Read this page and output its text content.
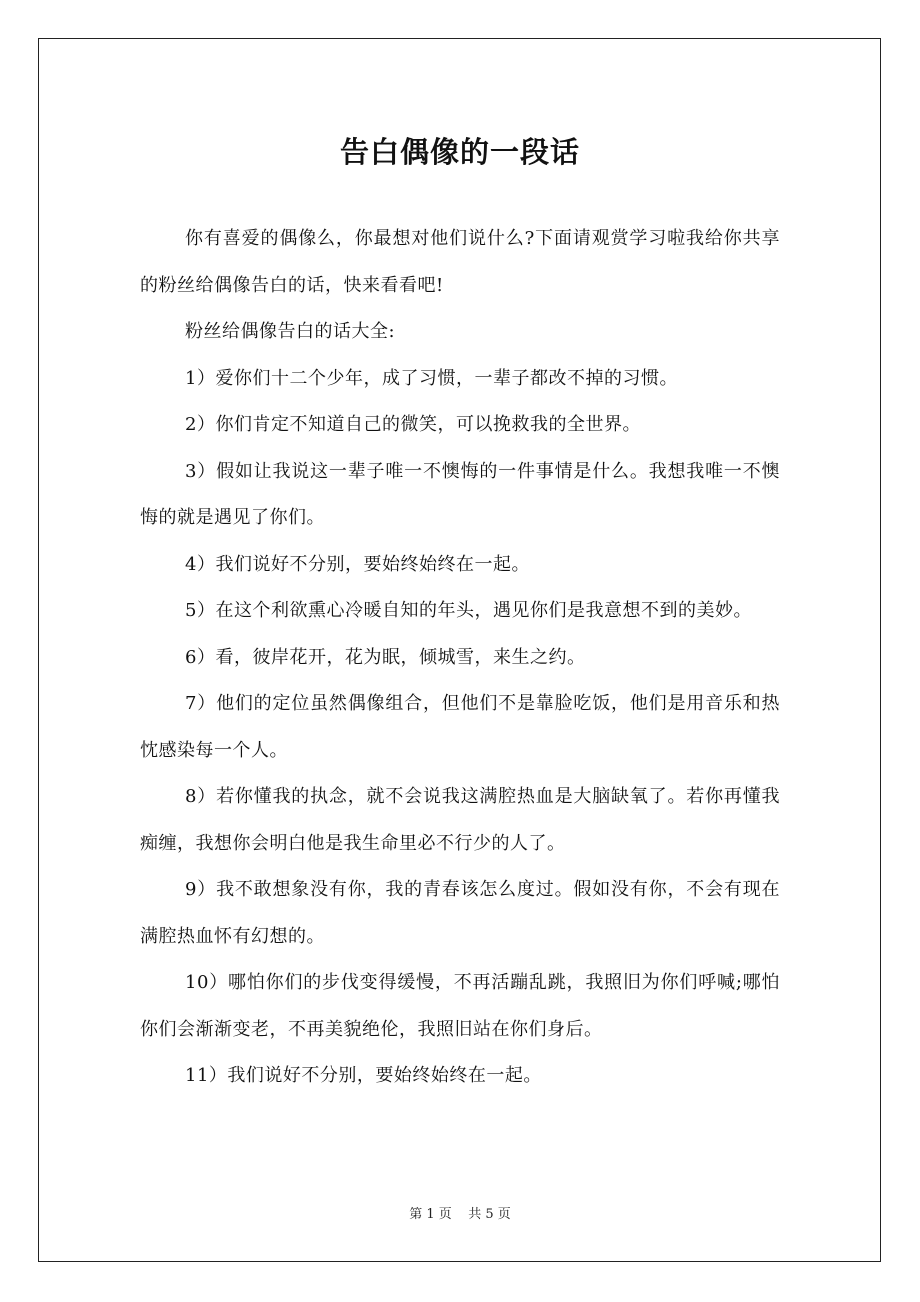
告白偶像的一段话

你有喜爱的偶像么，你最想对他们说什么?下面请观赏学习啦我给你共享的粉丝给偶像告白的话，快来看看吧!

粉丝给偶像告白的话大全:

1）爱你们十二个少年，成了习惯，一辈子都改不掉的习惯。

2）你们肯定不知道自己的微笑，可以挽救我的全世界。

3）假如让我说这一辈子唯一不懊悔的一件事情是什么。我想我唯一不懊悔的就是遇见了你们。

4）我们说好不分别，要始终始终在一起。

5）在这个利欲熏心冷暖自知的年头，遇见你们是我意想不到的美妙。

6）看，彼岸花开，花为眠，倾城雪，来生之约。

7）他们的定位虽然偶像组合，但他们不是靠脸吃饭，他们是用音乐和热忱感染每一个人。

8）若你懂我的执念，就不会说我这满腔热血是大脑缺氧了。若你再懂我痴缠，我想你会明白他是我生命里必不行少的人了。

9）我不敢想象没有你，我的青春该怎么度过。假如没有你，不会有现在满腔热血怀有幻想的。

10）哪怕你们的步伐变得缓慢，不再活蹦乱跳，我照旧为你们呼喊;哪怕你们会渐渐变老，不再美貌绝伦，我照旧站在你们身后。

11）我们说好不分别，要始终始终在一起。

第 1 页 共 5 页
